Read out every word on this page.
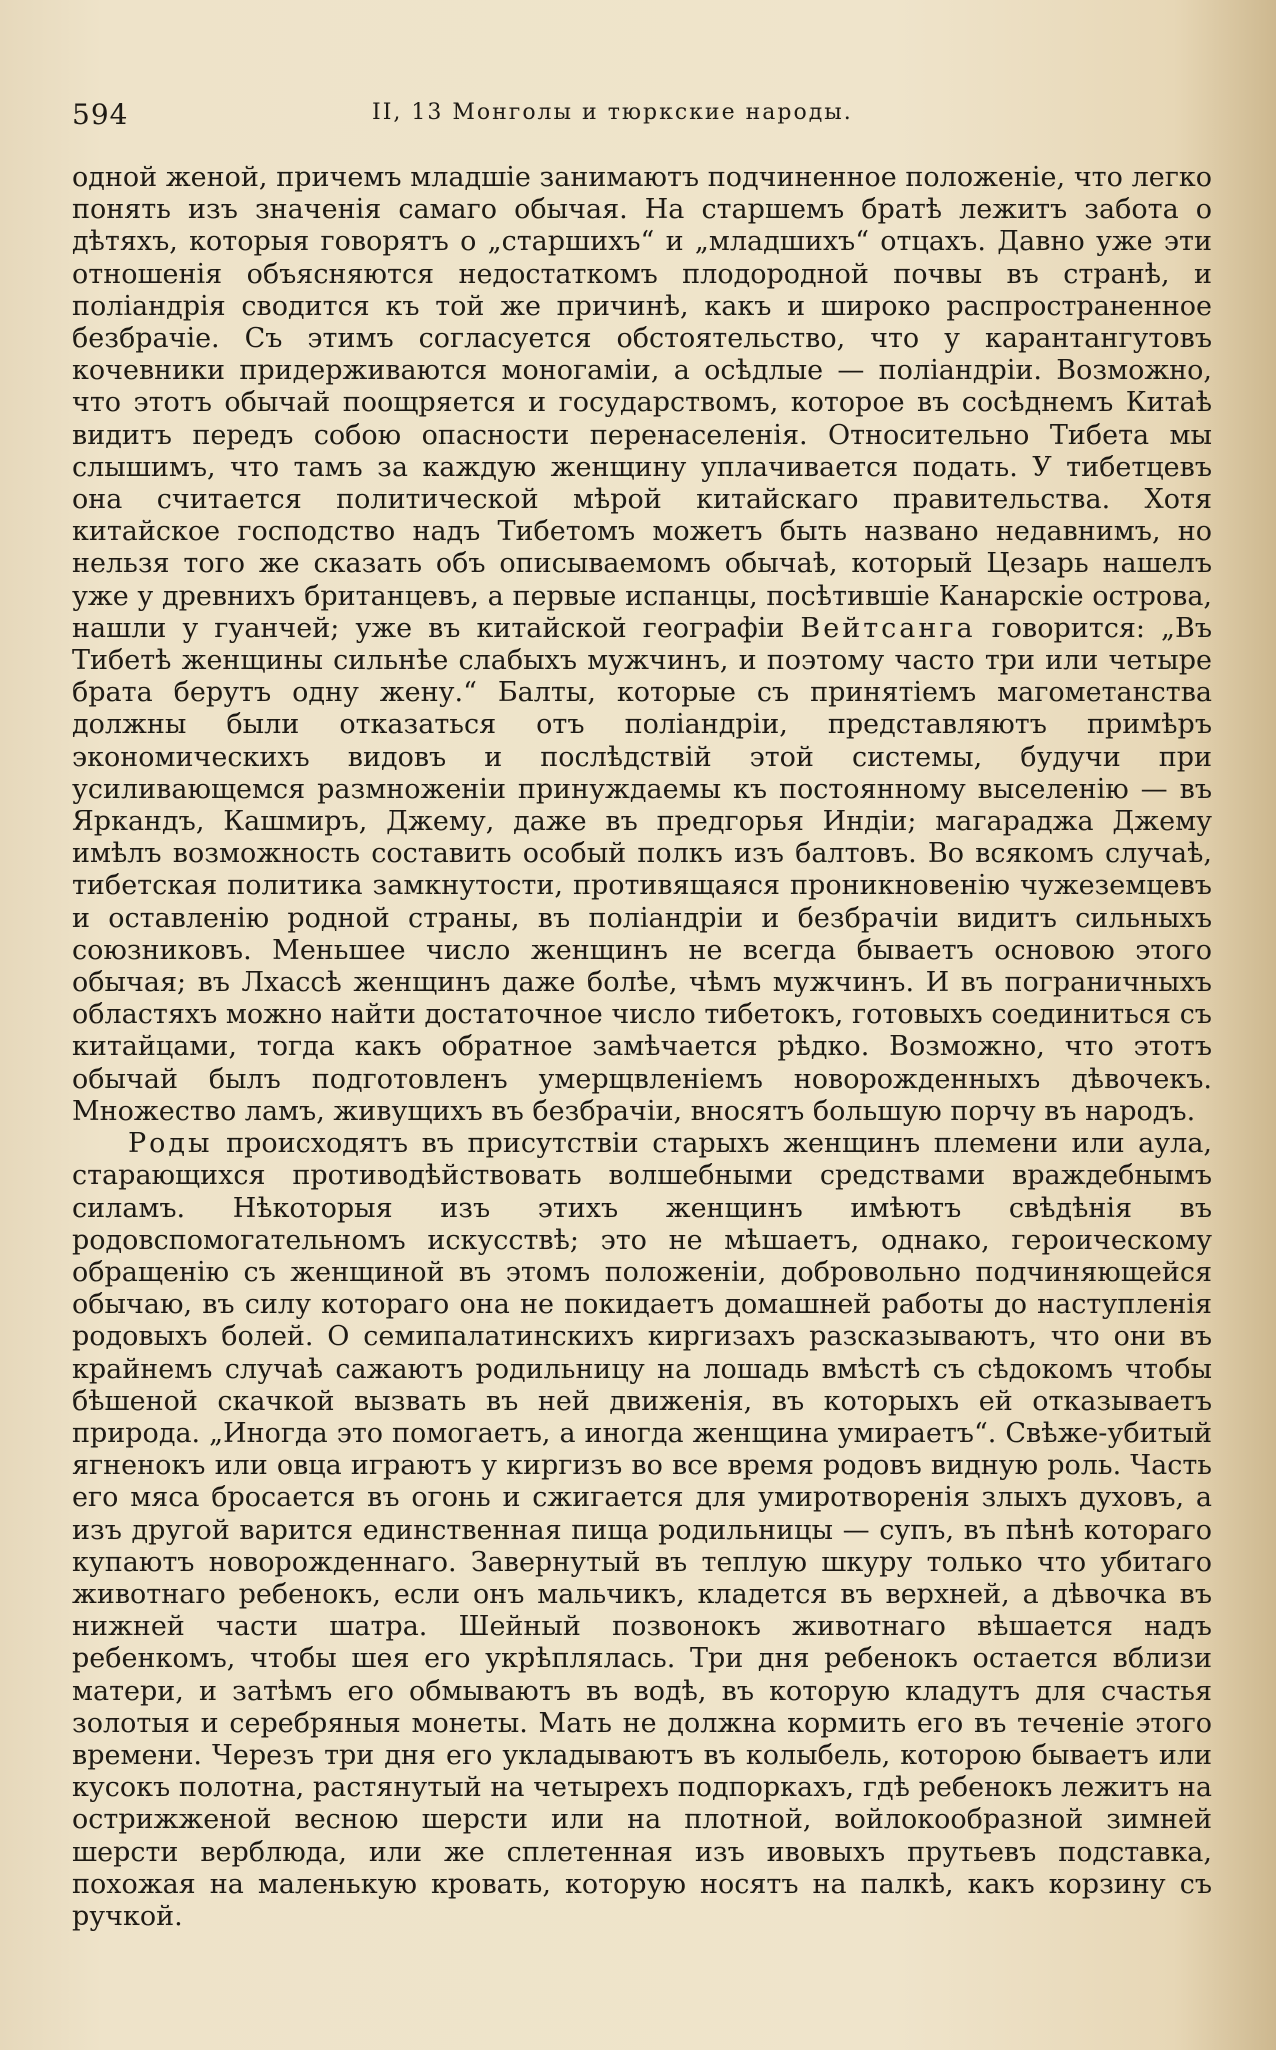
594	II, 13 Монголы и тюркские народы.

одной женой, причемъ младшіе занимаютъ подчиненное положеніе, что легко понять изъ значенія самаго обычая. На старшемъ братѣ лежитъ забота о дѣтяхъ, которыя говорятъ о „старшихъ“ и „младшихъ“ отцахъ. Давно уже эти отношенія объясняются недостаткомъ плодородной почвы въ странѣ, и поліандрія сводится къ той же причинѣ, какъ и широко распространенное безбрачіе. Съ этимъ согласуется обстоятельство, что у карантангутовъ кочевники придерживаются моногаміи, а осѣдлые — поліандріи. Возможно, что этотъ обычай поощряется и государствомъ, которое въ сосѣднемъ Китаѣ видитъ передъ собою опасности перенаселенія. Относительно Тибета мы слышимъ, что тамъ за каждую женщину уплачивается подать. У тибетцевъ она считается политической мѣрой китайскаго правительства. Хотя китайское господство надъ Тибетомъ можетъ быть названо недавнимъ, но нельзя того же сказать объ описываемомъ обычаѣ, который Цезарь нашелъ уже у древнихъ британцевъ, а первые испанцы, посѣтившіе Канарскіе острова, нашли у гуанчей; уже въ китайской географіи Вейтсанга говорится: „Въ Тибетѣ женщины сильнѣе слабыхъ мужчинъ, и поэтому часто три или четыре брата берутъ одну жену.“ Балты, которые съ принятіемъ магометанства должны были отказаться отъ поліандріи, представляютъ примѣръ экономическихъ видовъ и послѣдствій этой системы, будучи при усиливающемся размноженіи принуждаемы къ постоянному выселенію — въ Яркандъ, Кашмиръ, Джему, даже въ предгорья Индіи; магараджа Джему имѣлъ возможность составить особый полкъ изъ балтовъ. Во всякомъ случаѣ, тибетская политика замкнутости, противящаяся проникновенію чужеземцевъ и оставленію родной страны, въ поліандріи и безбрачіи видитъ сильныхъ союзниковъ. Меньшее число женщинъ не всегда бываетъ основою этого обычая; въ Лхассѣ женщинъ даже болѣе, чѣмъ мужчинъ. И въ пограничныхъ областяхъ можно найти достаточное число тибетокъ, готовыхъ соединиться съ китайцами, тогда какъ обратное замѣчается рѣдко. Возможно, что этотъ обычай былъ подготовленъ умерщвленіемъ новорожденныхъ дѣвочекъ. Множество ламъ, живущихъ въ безбрачіи, вносятъ большую порчу въ народъ.

Роды происходятъ въ присутствіи старыхъ женщинъ племени или аула, старающихся противодѣйствовать волшебными средствами враждебнымъ силамъ. Нѣкоторыя изъ этихъ женщинъ имѣютъ свѣдѣнія въ родовспомогательномъ искусствѣ; это не мѣшаетъ, однако, героическому обращенію съ женщиной въ этомъ положеніи, добровольно подчиняющейся обычаю, въ силу котораго она не покидаетъ домашней работы до наступленія родовыхъ болей. О семипалатинскихъ киргизахъ разсказываютъ, что они въ крайнемъ случаѣ сажаютъ родильницу на лошадь вмѣстѣ съ сѣдокомъ чтобы бѣшеной скачкой вызвать въ ней движенія, въ которыхъ ей отказываетъ природа. „Иногда это помогаетъ, а иногда женщина умираетъ“. Свѣже-убитый ягненокъ или овца играютъ у киргизъ во все время родовъ видную роль. Часть его мяса бросается въ огонь и сжигается для умиротворенія злыхъ духовъ, а изъ другой варится единственная пища родильницы — супъ, въ пѣнѣ котораго купаютъ новорожденнаго. Завернутый въ теплую шкуру только что убитаго животнаго ребенокъ, если онъ мальчикъ, кладется въ верхней, а дѣвочка въ нижней части шатра. Шейный позвонокъ животнаго вѣшается надъ ребенкомъ, чтобы шея его укрѣплялась. Три дня ребенокъ остается вблизи матери, и затѣмъ его обмываютъ въ водѣ, въ которую кладутъ для счастья золотыя и серебряныя монеты. Мать не должна кормить его въ теченіе этого времени. Черезъ три дня его укладываютъ въ колыбель, которою бываетъ или кусокъ полотна, растянутый на четырехъ подпоркахъ, гдѣ ребенокъ лежитъ на острижженой весною шерсти или на плотной, войлокообразной зимней шерсти верблюда, или же сплетенная изъ ивовыхъ прутьевъ подставка, похожая на маленькую кровать, которую носятъ на палкѣ, какъ корзину съ ручкой.
